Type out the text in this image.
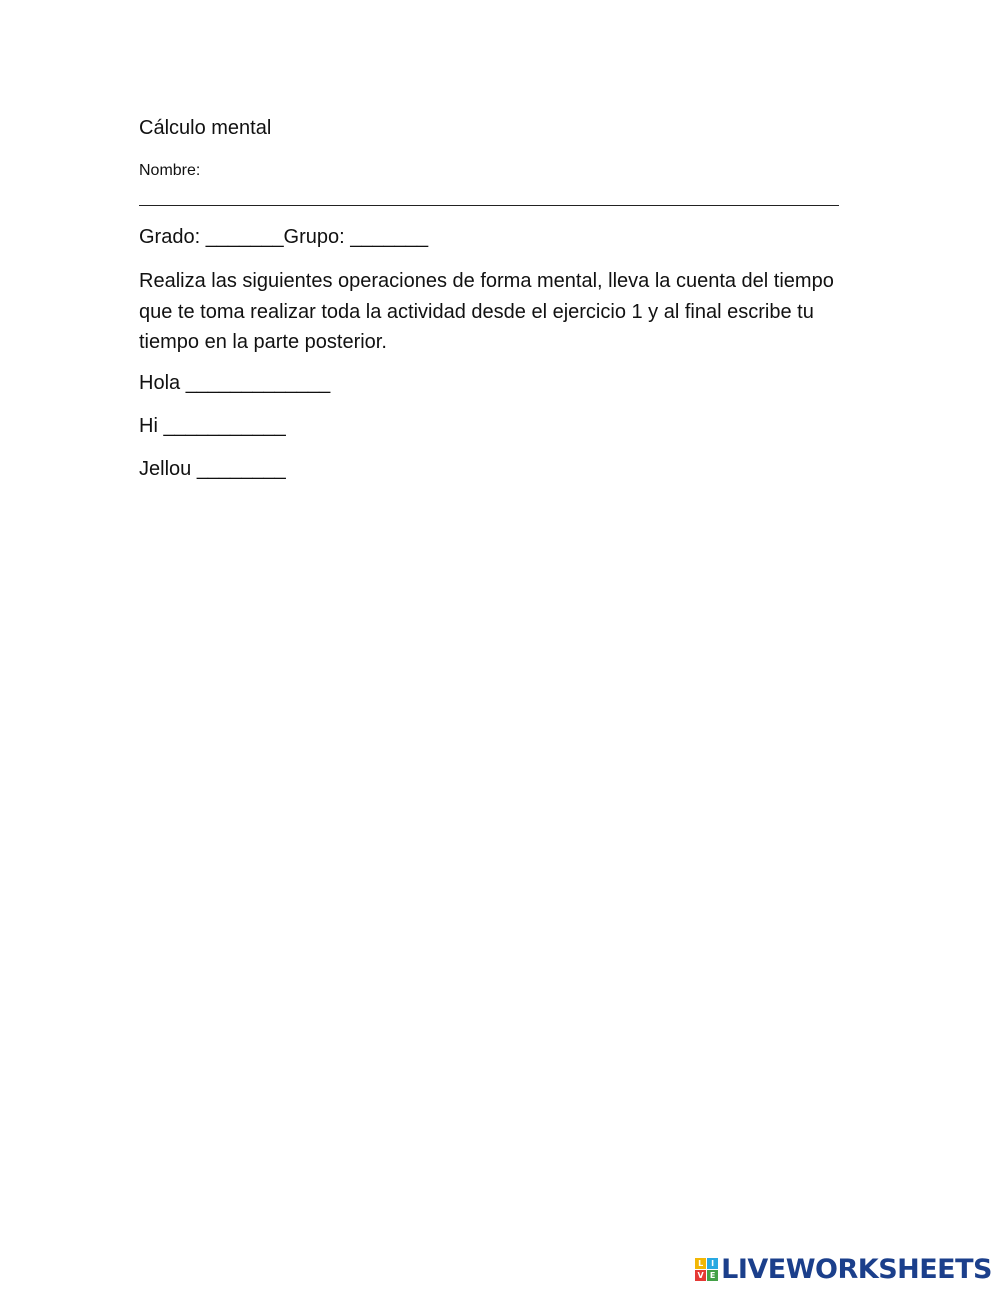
Cálculo mental
Nombre:
Grado: _______Grupo: _______
Realiza las siguientes operaciones de forma mental, lleva la cuenta del tiempo que te toma realizar toda la actividad desde el ejercicio 1 y al final escribe tu tiempo en la parte posterior.
Hola _____________
Hi ___________
Jellou ________
L I
V E LIVEWORKSHEETS
